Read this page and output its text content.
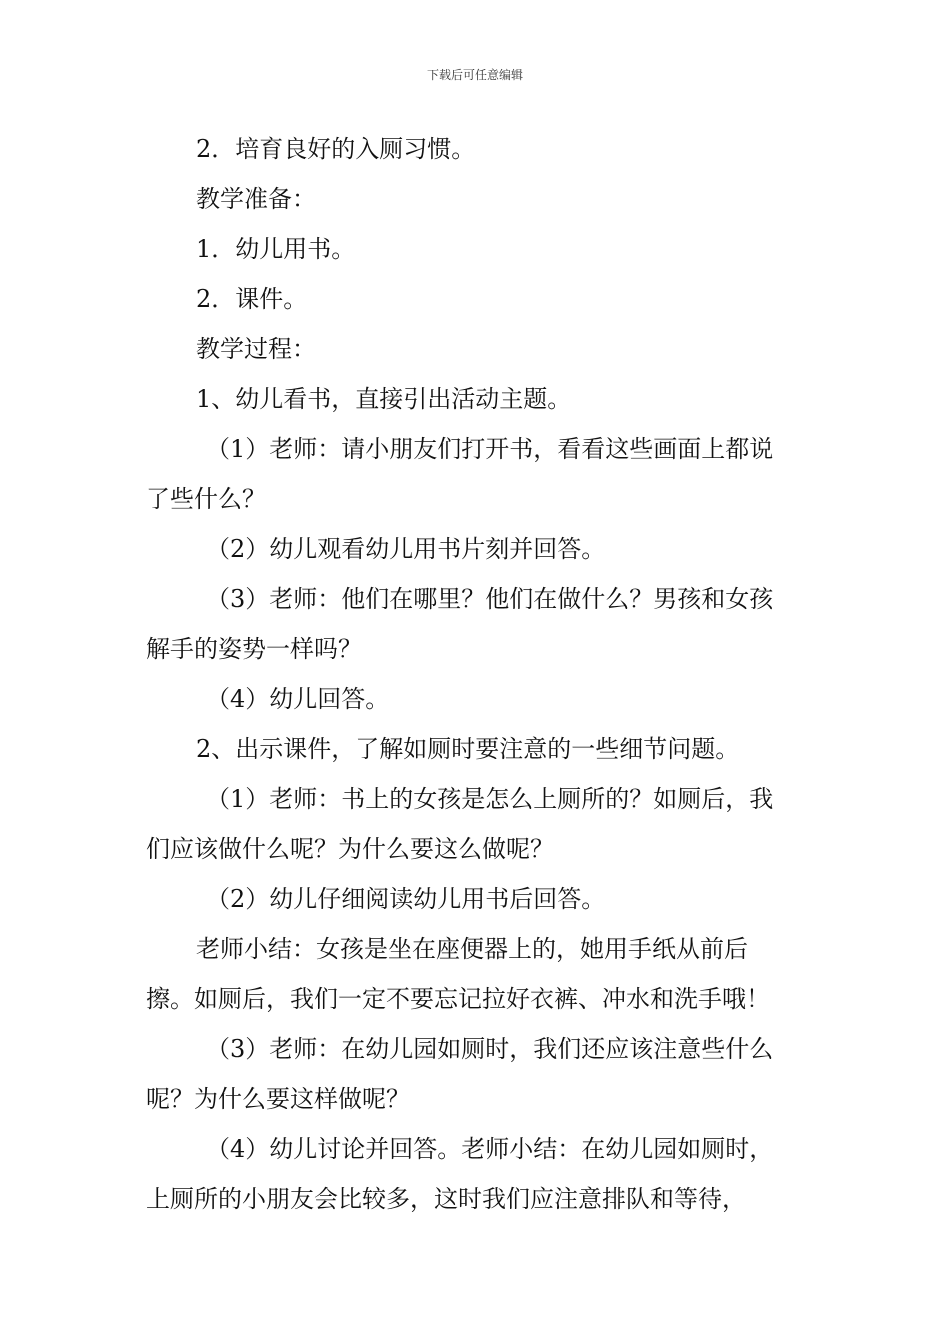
下载后可任意编辑
2．培育良好的入厕习惯。
教学准备：
1．幼儿用书。
2．课件。
教学过程：
1、幼儿看书，直接引出活动主题。
（1）老师：请小朋友们打开书，看看这些画面上都说
了些什么？
（2）幼儿观看幼儿用书片刻并回答。
（3）老师：他们在哪里？他们在做什么？男孩和女孩
解手的姿势一样吗？
（4）幼儿回答。
2、出示课件，了解如厕时要注意的一些细节问题。
（1）老师：书上的女孩是怎么上厕所的？如厕后，我
们应该做什么呢？为什么要这么做呢？
（2）幼儿仔细阅读幼儿用书后回答。
老师小结：女孩是坐在座便器上的，她用手纸从前后
擦。如厕后，我们一定不要忘记拉好衣裤、冲水和洗手哦！
（3）老师：在幼儿园如厕时，我们还应该注意些什么
呢？为什么要这样做呢？
（4）幼儿讨论并回答。老师小结：在幼儿园如厕时，
上厕所的小朋友会比较多，这时我们应注意排队和等待，
